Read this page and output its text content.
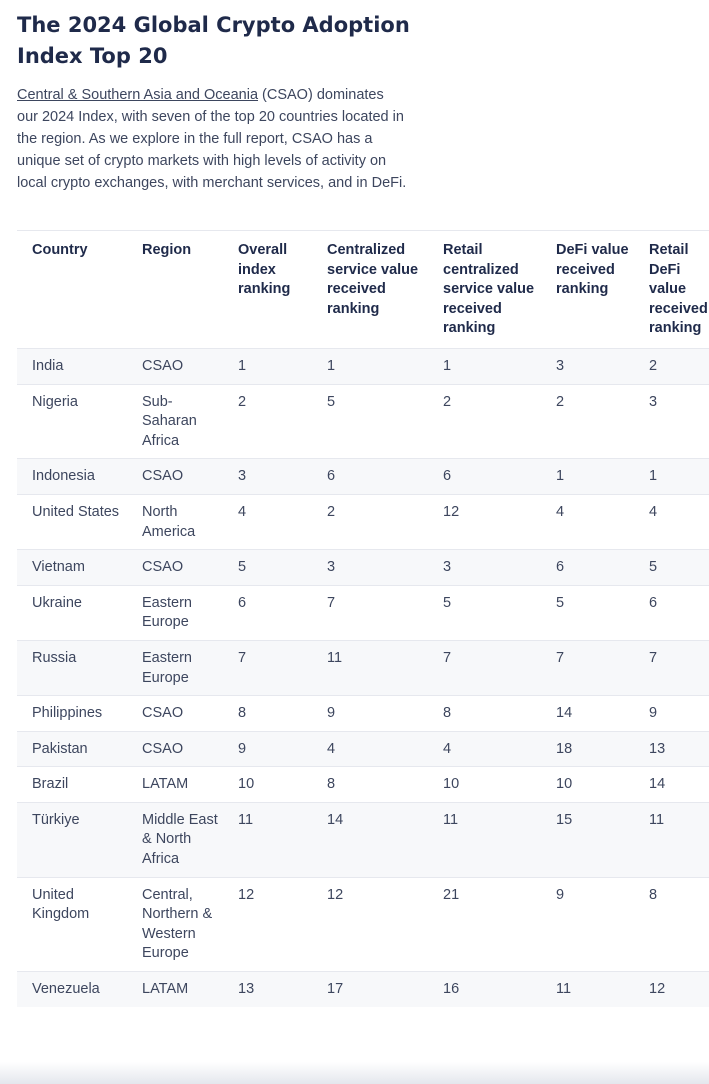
The 2024 Global Crypto Adoption Index Top 20

Central & Southern Asia and Oceania (CSAO) dominates our 2024 Index, with seven of the top 20 countries located in the region. As we explore in the full report, CSAO has a unique set of crypto markets with high levels of activity on local crypto exchanges, with merchant services, and in DeFi.

Country	Region	Overall index ranking	Centralized service value received ranking	Retail centralized service value received ranking	DeFi value received ranking	Retail DeFi value received ranking
India	CSAO	1	1	1	3	2
Nigeria	Sub-Saharan Africa	2	5	2	2	3
Indonesia	CSAO	3	6	6	1	1
United States	North America	4	2	12	4	4
Vietnam	CSAO	5	3	3	6	5
Ukraine	Eastern Europe	6	7	5	5	6
Russia	Eastern Europe	7	11	7	7	7
Philippines	CSAO	8	9	8	14	9
Pakistan	CSAO	9	4	4	18	13
Brazil	LATAM	10	8	10	10	14
Türkiye	Middle East & North Africa	11	14	11	15	11
United Kingdom	Central, Northern & Western Europe	12	12	21	9	8
Venezuela	LATAM	13	17	16	11	12
